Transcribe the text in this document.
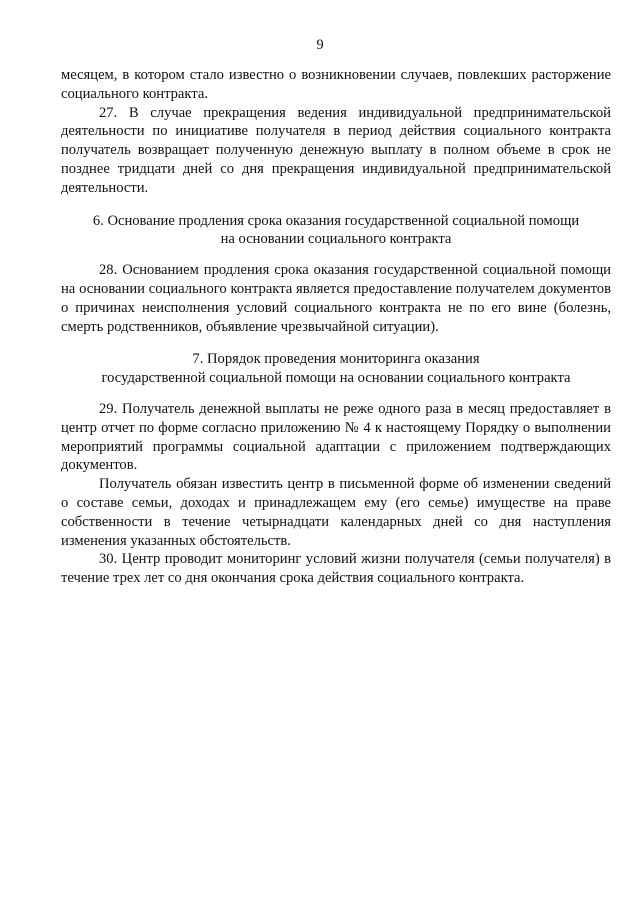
9

месяцем, в котором стало известно о возникновении случаев, повлекших расторжение социального контракта.

27. В случае прекращения ведения индивидуальной предпринимательской деятельности по инициативе получателя в период действия социального контракта получатель возвращает полученную денежную выплату в полном объеме в срок не позднее тридцати дней со дня прекращения индивидуальной предпринимательской деятельности.

6. Основание продления срока оказания государственной социальной помощи
на основании социального контракта

28. Основанием продления срока оказания государственной социальной помощи на основании социального контракта является предоставление получателем документов о причинах неисполнения условий социального контракта не по его вине (болезнь, смерть родственников, объявление чрезвычайной ситуации).

7. Порядок проведения мониторинга оказания
государственной социальной помощи на основании социального контракта

29. Получатель денежной выплаты не реже одного раза в месяц предоставляет в центр отчет по форме согласно приложению № 4 к настоящему Порядку о выполнении мероприятий программы социальной адаптации с приложением подтверждающих документов.

Получатель обязан известить центр в письменной форме об изменении сведений о составе семьи, доходах и принадлежащем ему (его семье) имуществе на праве собственности в течение четырнадцати календарных дней со дня наступления изменения указанных обстоятельств.

30. Центр проводит мониторинг условий жизни получателя (семьи получателя) в течение трех лет со дня окончания срока действия социального контракта.
